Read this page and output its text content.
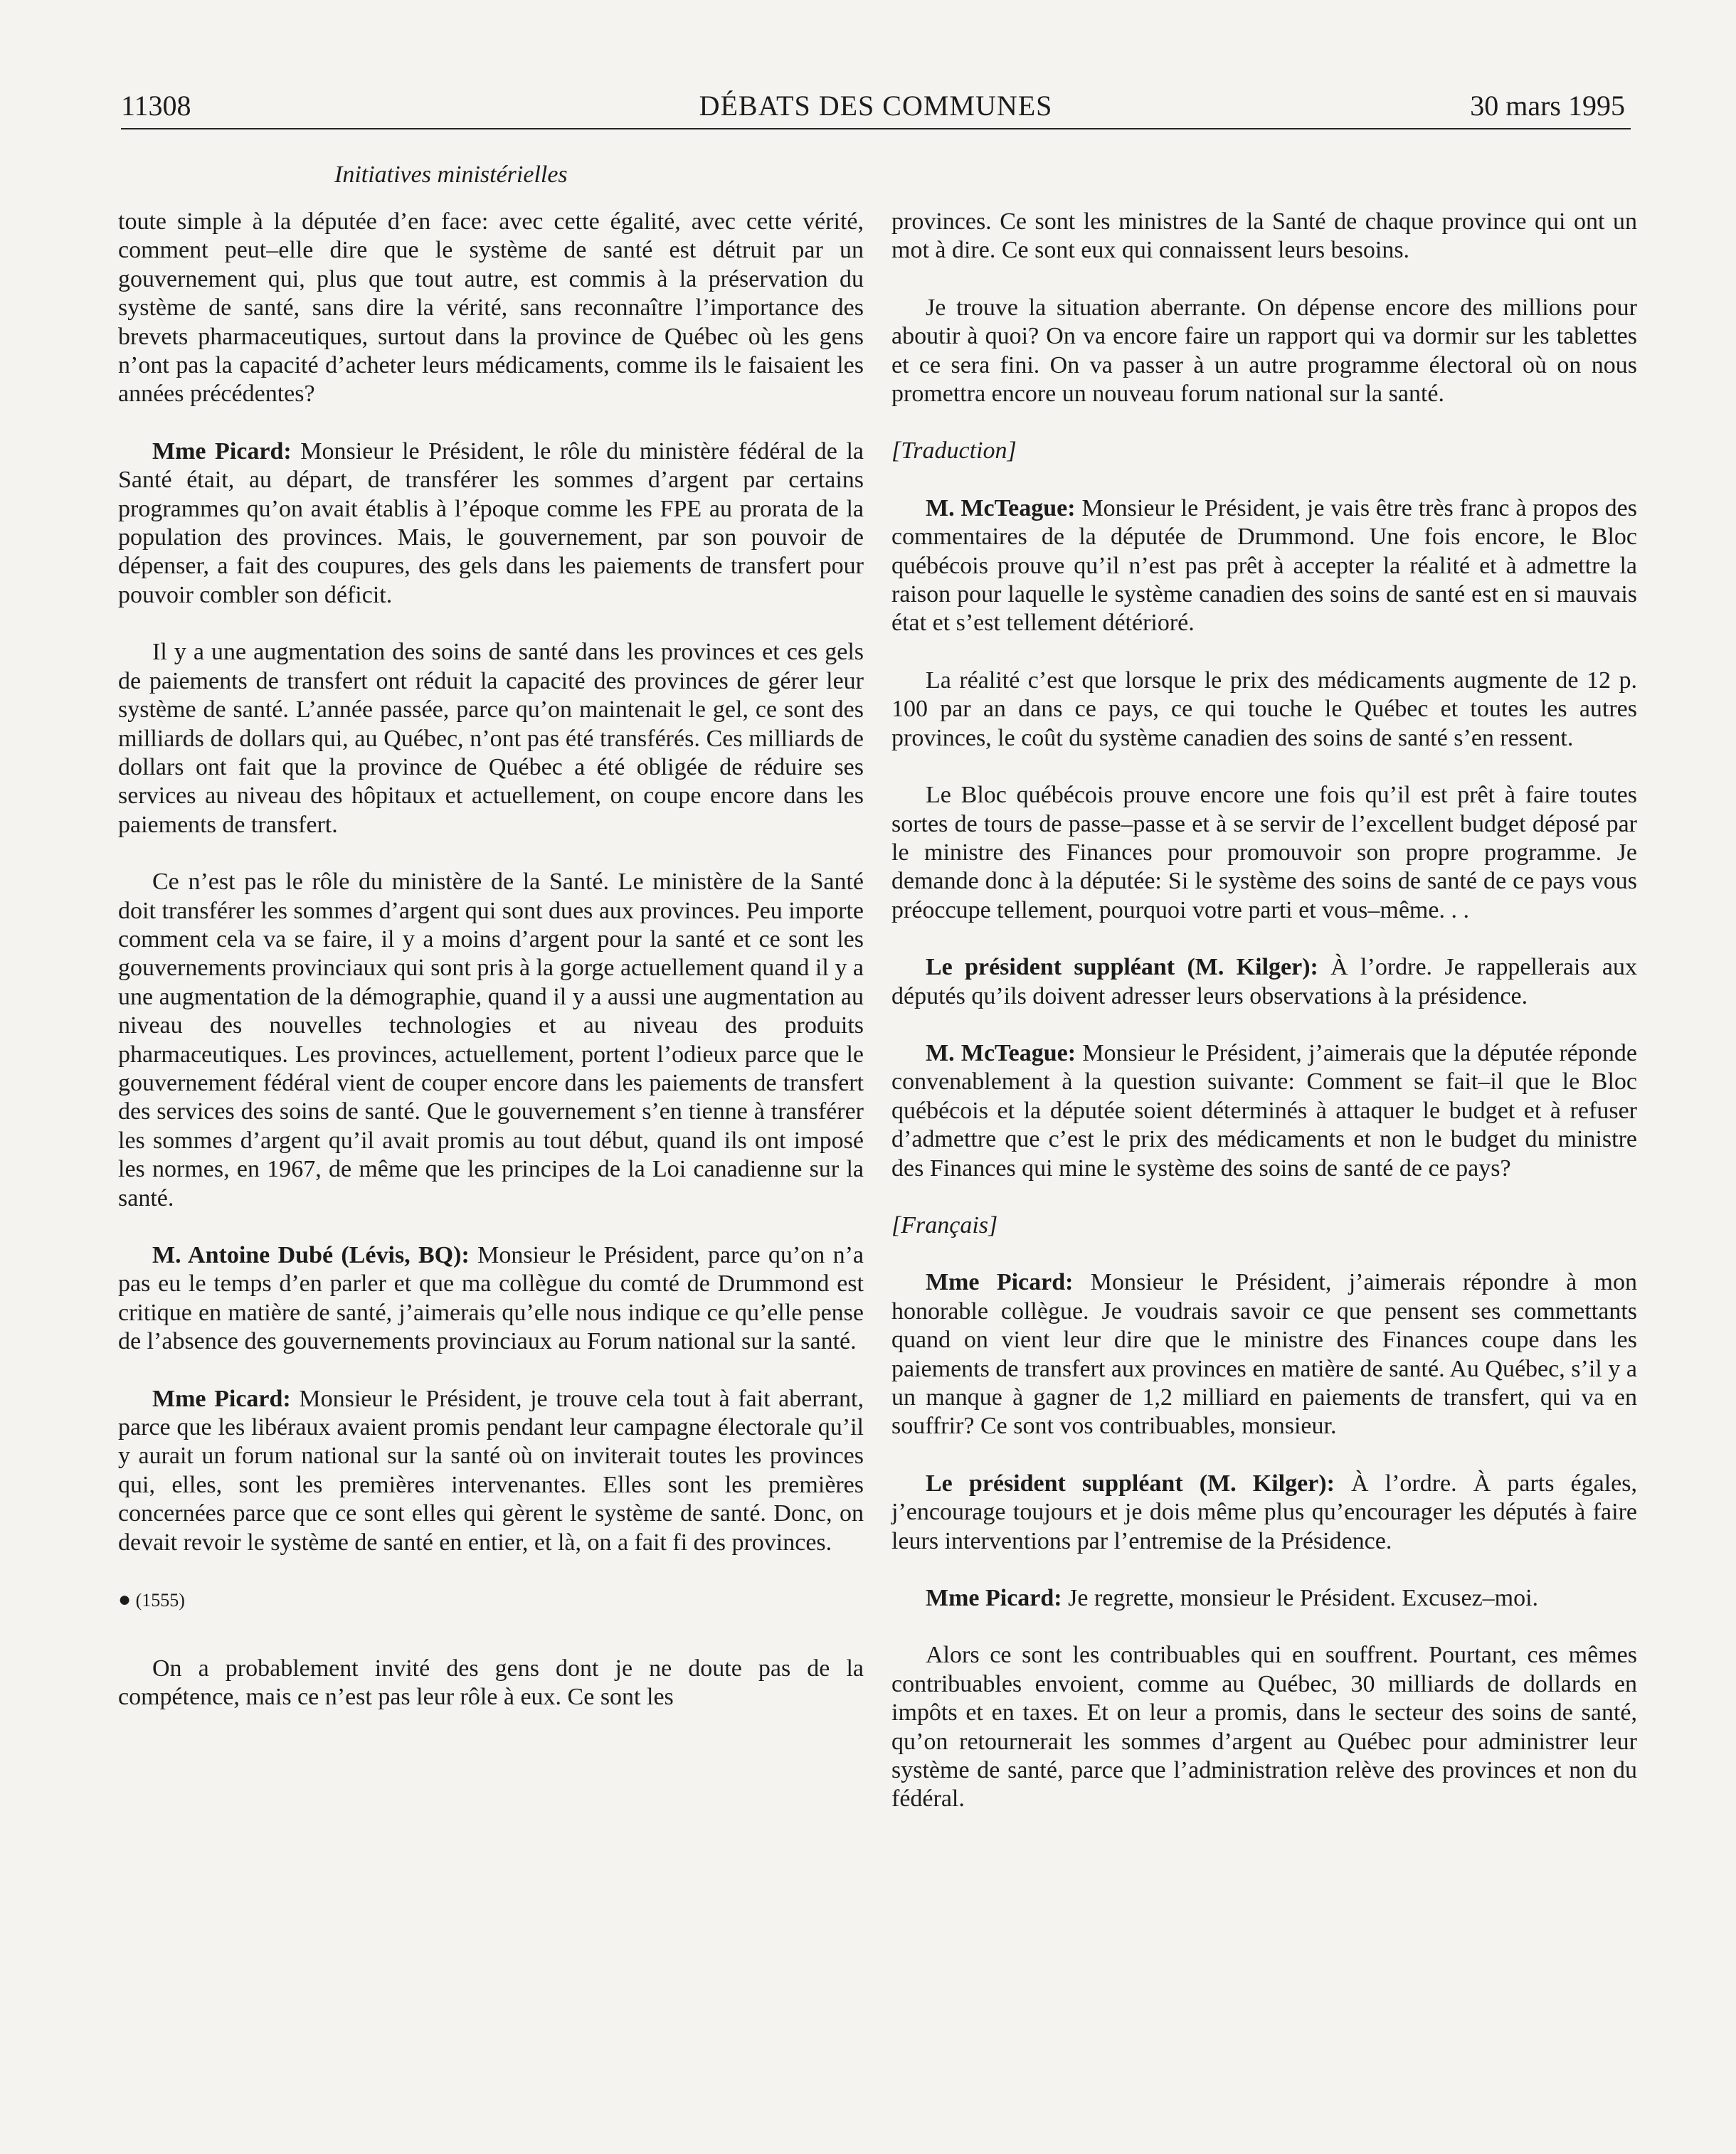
11308	DÉBATS DES COMMUNES	30 mars 1995
Initiatives ministérielles

toute simple à la députée d’en face: avec cette égalité, avec cette vérité, comment peut–elle dire que le système de santé est détruit par un gouvernement qui, plus que tout autre, est commis à la préservation du système de santé, sans dire la vérité, sans reconnaître l’importance des brevets pharmaceutiques, surtout dans la province de Québec où les gens n’ont pas la capacité d’acheter leurs médicaments, comme ils le faisaient les années précédentes?

Mme Picard: Monsieur le Président, le rôle du ministère fédéral de la Santé était, au départ, de transférer les sommes d’argent par certains programmes qu’on avait établis à l’époque comme les FPE au prorata de la population des provinces. Mais, le gouvernement, par son pouvoir de dépenser, a fait des coupures, des gels dans les paiements de transfert pour pouvoir combler son déficit.

Il y a une augmentation des soins de santé dans les provinces et ces gels de paiements de transfert ont réduit la capacité des provinces de gérer leur système de santé. L’année passée, parce qu’on maintenait le gel, ce sont des milliards de dollars qui, au Québec, n’ont pas été transférés. Ces milliards de dollars ont fait que la province de Québec a été obligée de réduire ses services au niveau des hôpitaux et actuellement, on coupe encore dans les paiements de transfert.

Ce n’est pas le rôle du ministère de la Santé. Le ministère de la Santé doit transférer les sommes d’argent qui sont dues aux provinces. Peu importe comment cela va se faire, il y a moins d’argent pour la santé et ce sont les gouvernements provinciaux qui sont pris à la gorge actuellement quand il y a une augmentation de la démographie, quand il y a aussi une augmentation au niveau des nouvelles technologies et au niveau des produits pharmaceutiques. Les provinces, actuellement, portent l’odieux parce que le gouvernement fédéral vient de couper encore dans les paiements de transfert des services des soins de santé. Que le gouvernement s’en tienne à transférer les sommes d’argent qu’il avait promis au tout début, quand ils ont imposé les normes, en 1967, de même que les principes de la Loi canadienne sur la santé.

M. Antoine Dubé (Lévis, BQ): Monsieur le Président, parce qu’on n’a pas eu le temps d’en parler et que ma collègue du comté de Drummond est critique en matière de santé, j’aimerais qu’elle nous indique ce qu’elle pense de l’absence des gouvernements provinciaux au Forum national sur la santé.

Mme Picard: Monsieur le Président, je trouve cela tout à fait aberrant, parce que les libéraux avaient promis pendant leur campagne électorale qu’il y aurait un forum national sur la santé où on inviterait toutes les provinces qui, elles, sont les premières intervenantes. Elles sont les premières concernées parce que ce sont elles qui gèrent le système de santé. Donc, on devait revoir le système de santé en entier, et là, on a fait fi des provinces.

● (1555)

On a probablement invité des gens dont je ne doute pas de la compétence, mais ce n’est pas leur rôle à eux. Ce sont les

provinces. Ce sont les ministres de la Santé de chaque province qui ont un mot à dire. Ce sont eux qui connaissent leurs besoins.

Je trouve la situation aberrante. On dépense encore des millions pour aboutir à quoi? On va encore faire un rapport qui va dormir sur les tablettes et ce sera fini. On va passer à un autre programme électoral où on nous promettra encore un nouveau forum national sur la santé.

[Traduction]

M. McTeague: Monsieur le Président, je vais être très franc à propos des commentaires de la députée de Drummond. Une fois encore, le Bloc québécois prouve qu’il n’est pas prêt à accepter la réalité et à admettre la raison pour laquelle le système canadien des soins de santé est en si mauvais état et s’est tellement détérioré.

La réalité c’est que lorsque le prix des médicaments augmente de 12 p. 100 par an dans ce pays, ce qui touche le Québec et toutes les autres provinces, le coût du système canadien des soins de santé s’en ressent.

Le Bloc québécois prouve encore une fois qu’il est prêt à faire toutes sortes de tours de passe–passe et à se servir de l’excellent budget déposé par le ministre des Finances pour promouvoir son propre programme. Je demande donc à la députée: Si le système des soins de santé de ce pays vous préoccupe tellement, pourquoi votre parti et vous–même. . .

Le président suppléant (M. Kilger): À l’ordre. Je rappellerais aux députés qu’ils doivent adresser leurs observations à la présidence.

M. McTeague: Monsieur le Président, j’aimerais que la députée réponde convenablement à la question suivante: Comment se fait–il que le Bloc québécois et la députée soient déterminés à attaquer le budget et à refuser d’admettre que c’est le prix des médicaments et non le budget du ministre des Finances qui mine le système des soins de santé de ce pays?

[Français]

Mme Picard: Monsieur le Président, j’aimerais répondre à mon honorable collègue. Je voudrais savoir ce que pensent ses commettants quand on vient leur dire que le ministre des Finances coupe dans les paiements de transfert aux provinces en matière de santé. Au Québec, s’il y a un manque à gagner de 1,2 milliard en paiements de transfert, qui va en souffrir? Ce sont vos contribuables, monsieur.

Le président suppléant (M. Kilger): À l’ordre. À parts égales, j’encourage toujours et je dois même plus qu’encourager les députés à faire leurs interventions par l’entremise de la Présidence.

Mme Picard: Je regrette, monsieur le Président. Excusez–moi.

Alors ce sont les contribuables qui en souffrent. Pourtant, ces mêmes contribuables envoient, comme au Québec, 30 milliards de dollards en impôts et en taxes. Et on leur a promis, dans le secteur des soins de santé, qu’on retournerait les sommes d’argent au Québec pour administrer leur système de santé, parce que l’administration relève des provinces et non du fédéral.
